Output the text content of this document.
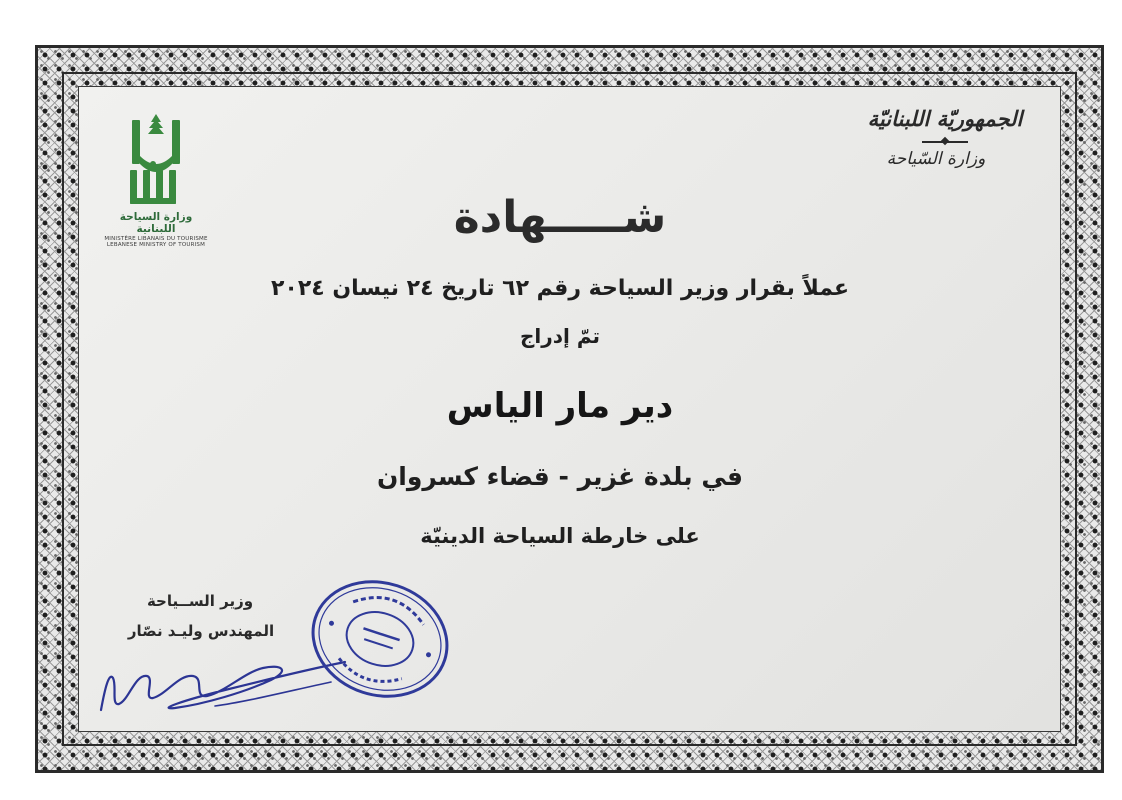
الجمهوريّة اللبنانيّة
وزارة السّياحة
وزارة السياحة اللبنانية
MINISTÈRE LIBANAIS DU TOURISME
LEBANESE MINISTRY OF TOURISM
شـــــهادة
عملاً بقرار وزير السياحة رقم ٦٢ تاريخ ٢٤ نيسان ٢٠٢٤
تمّ إدراج
دير مار الياس
في بلدة غزير - قضاء كسروان
على خارطة السياحة الدينيّة
وزير الســياحة
المهندس وليـد نصّار
